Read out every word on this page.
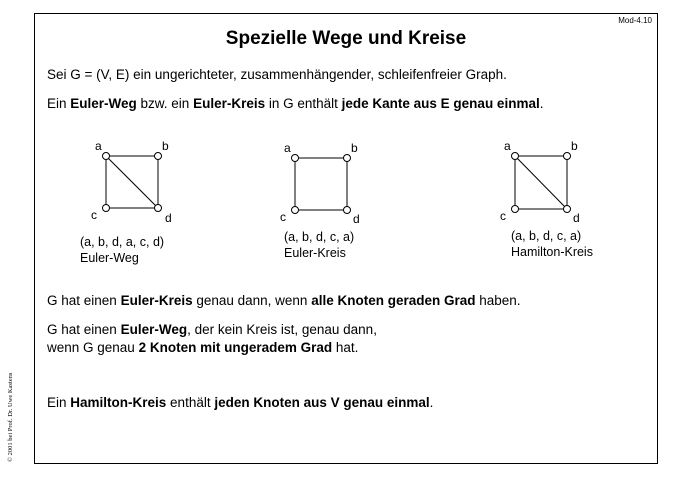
Mod-4.10
Spezielle Wege und Kreise
Sei G = (V, E) ein ungerichteter, zusammenhängender, schleifenfreier Graph.
Ein Euler-Weg bzw. ein Euler-Kreis in G enthält jede Kante aus E genau einmal.
a	b
c	d
(a, b, d, a, c, d)
Euler-Weg
a	b
c	d
(a, b, d, c, a)
Euler-Kreis
a	b
c	d
(a, b, d, c, a)
Hamilton-Kreis
G hat einen Euler-Kreis genau dann, wenn alle Knoten geraden Grad haben.
G hat einen Euler-Weg, der kein Kreis ist, genau dann,
wenn G genau 2 Knoten mit ungeradem Grad hat.
Ein Hamilton-Kreis enthält jeden Knoten aus V genau einmal.
© 2001 bei Prof. Dr. Uwe Kastens
